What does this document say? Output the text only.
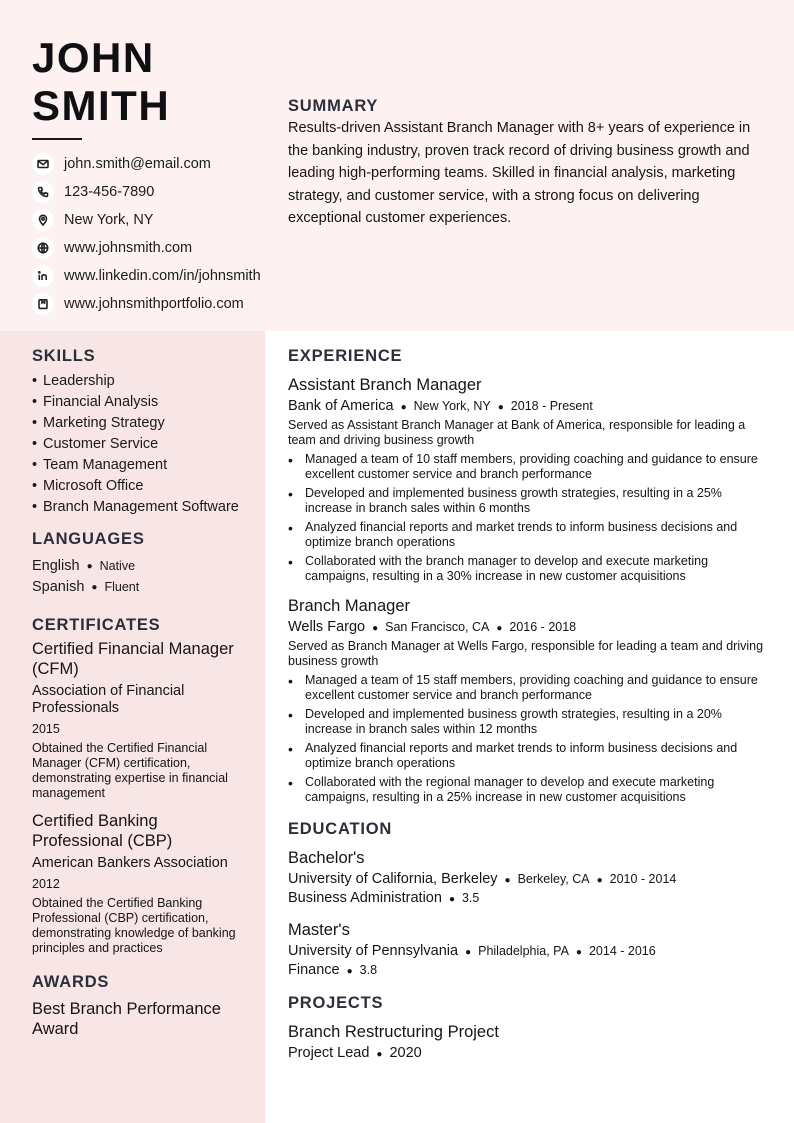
JOHN
SMITH
john.smith@email.com
123-456-7890
New York, NY
www.johnsmith.com
www.linkedin.com/in/johnsmith
www.johnsmithportfolio.com
SUMMARY
Results-driven Assistant Branch Manager with 8+ years of experience in the banking industry, proven track record of driving business growth and leading high-performing teams. Skilled in financial analysis, marketing strategy, and customer service, with a strong focus on delivering exceptional customer experiences.
SKILLS
• Leadership
• Financial Analysis
• Marketing Strategy
• Customer Service
• Team Management
• Microsoft Office
• Branch Management Software
LANGUAGES
English ● Native
Spanish ● Fluent
CERTIFICATES
Certified Financial Manager (CFM)
Association of Financial Professionals
2015
Obtained the Certified Financial Manager (CFM) certification, demonstrating expertise in financial management
Certified Banking Professional (CBP)
American Bankers Association
2012
Obtained the Certified Banking Professional (CBP) certification, demonstrating knowledge of banking principles and practices
AWARDS
Best Branch Performance Award
EXPERIENCE
Assistant Branch Manager
Bank of America ● New York, NY ● 2018 - Present
Served as Assistant Branch Manager at Bank of America, responsible for leading a team and driving business growth
• Managed a team of 10 staff members, providing coaching and guidance to ensure excellent customer service and branch performance
• Developed and implemented business growth strategies, resulting in a 25% increase in branch sales within 6 months
• Analyzed financial reports and market trends to inform business decisions and optimize branch operations
• Collaborated with the branch manager to develop and execute marketing campaigns, resulting in a 30% increase in new customer acquisitions
Branch Manager
Wells Fargo ● San Francisco, CA ● 2016 - 2018
Served as Branch Manager at Wells Fargo, responsible for leading a team and driving business growth
• Managed a team of 15 staff members, providing coaching and guidance to ensure excellent customer service and branch performance
• Developed and implemented business growth strategies, resulting in a 20% increase in branch sales within 12 months
• Analyzed financial reports and market trends to inform business decisions and optimize branch operations
• Collaborated with the regional manager to develop and execute marketing campaigns, resulting in a 25% increase in new customer acquisitions
EDUCATION
Bachelor's
University of California, Berkeley ● Berkeley, CA ● 2010 - 2014
Business Administration ● 3.5
Master's
University of Pennsylvania ● Philadelphia, PA ● 2014 - 2016
Finance ● 3.8
PROJECTS
Branch Restructuring Project
Project Lead ● 2020
